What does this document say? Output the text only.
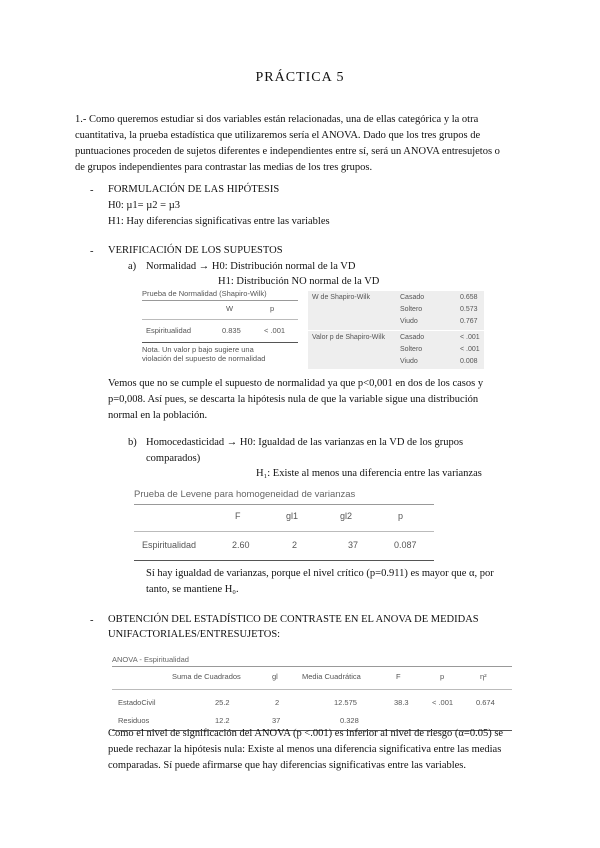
PRÁCTICA 5
1.- Como queremos estudiar si dos variables están relacionadas, una de ellas categórica y la otra
cuantitativa, la prueba estadística que utilizaremos sería el ANOVA. Dado que los tres grupos de
puntuaciones proceden de sujetos diferentes e independientes entre sí, será un ANOVA entresujetos o
de grupos independientes para contrastar las medias de los tres grupos.
- FORMULACIÓN DE LAS HIPÓTESIS
H0: µ1= µ2 = µ3
H1: Hay diferencias significativas entre las variables
- VERIFICACIÓN DE LOS SUPUESTOS
a) Normalidad → H0: Distribución normal de la VD
H1: Distribución NO normal de la VD
Prueba de Normalidad (Shapiro-Wilk)
W	p
Espiritualidad	0.835	< .001
Nota. Un valor p bajo sugiere una
violación del supuesto de normalidad
W de Shapiro-Wilk	Casado	0.658
Soltero	0.573
Viudo	0.767
Valor p de Shapiro-Wilk Casado	< .001
Soltero	< .001
Viudo	0.008
Vemos que no se cumple el supuesto de normalidad ya que p<0,001 en dos de los casos y
p=0,008. Así pues, se descarta la hipótesis nula de que la variable sigue una distribución
normal en la población.
b) Homocedasticidad → H0: Igualdad de las varianzas en la VD de los grupos
comparados)
H₁: Existe al menos una diferencia entre las varianzas
Prueba de Levene para homogeneidad de varianzas
F	gl1	gl2	p
Espiritualidad	2.60	2	37	0.087
Sí hay igualdad de varianzas, porque el nivel crítico (p=0.911) es mayor que α, por
tanto, se mantiene H₀.
- OBTENCIÓN DEL ESTADÍSTICO DE CONTRASTE EN EL ANOVA DE MEDIDAS
UNIFACTORIALES/ENTRESUJETOS:
ANOVA - Espiritualidad
Suma de Cuadrados	gl	Media Cuadrática	F	p	η²
EstadoCivil	25.2	2	12.575	38.3	< .001	0.674
Residuos	12.2	37	0.328
Como el nivel de significación del ANOVA (p <.001) es inferior al nivel de riesgo (α=0.05) se
puede rechazar la hipótesis nula: Existe al menos una diferencia significativa entre las medias
comparadas. Sí puede afirmarse que hay diferencias significativas entre las variables.
